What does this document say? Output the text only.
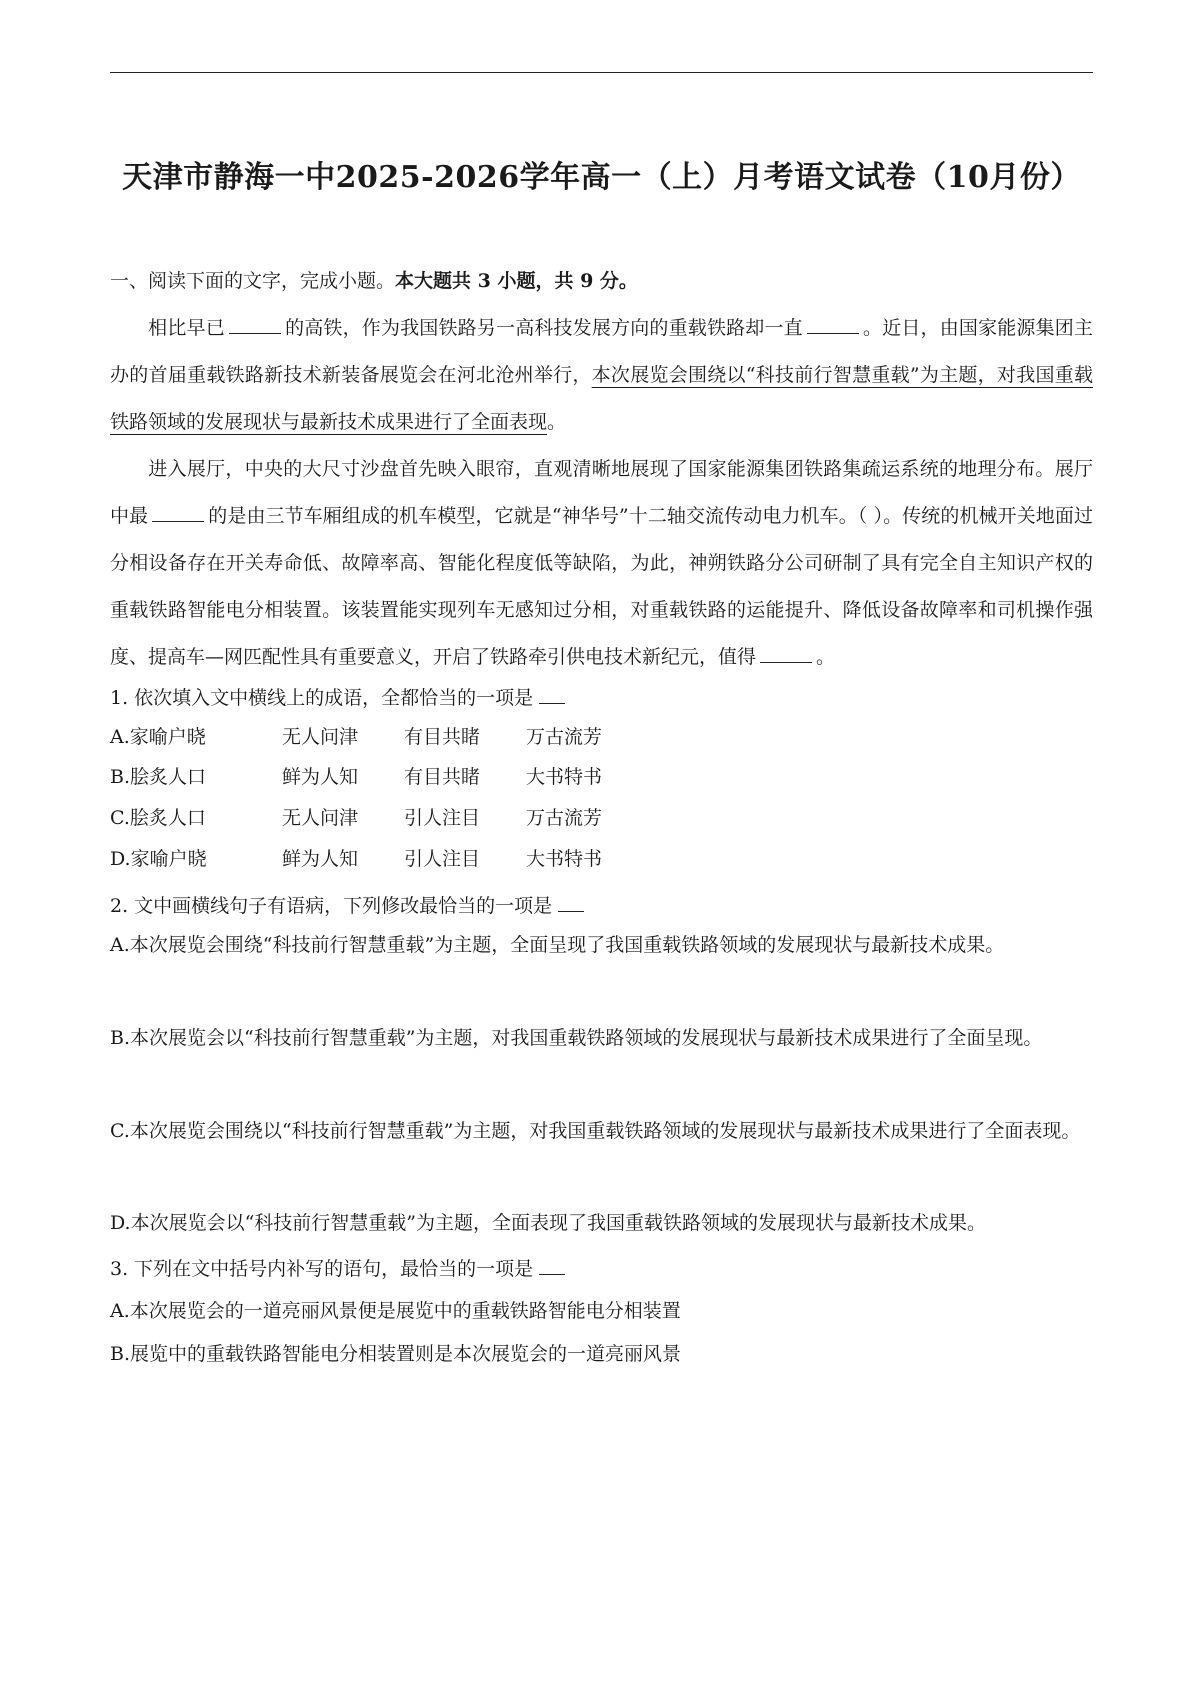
天津市静海一中2025-2026学年高一（上）月考语文试卷（10月份）

一、阅读下面的文字，完成小题。本大题共 3 小题，共 9 分。

相比早已	的高铁，作为我国铁路另一高科技发展方向的重载铁路却一直	。近日，由国家能源集团主办的首届重载铁路新技术新装备展览会在河北沧州举行，本次展览会围绕以“科技前行智慧重载”为主题，对我国重载铁路领域的发展现状与最新技术成果进行了全面表现。

进入展厅，中央的大尺寸沙盘首先映入眼帘，直观清晰地展现了国家能源集团铁路集疏运系统的地理分布。展厅中最	的是由三节车厢组成的机车模型，它就是“神华号”十二轴交流传动电力机车。（ ）。传统的机械开关地面过分相设备存在开关寿命低、故障率高、智能化程度低等缺陷，为此，神朔铁路分公司研制了具有完全自主知识产权的重载铁路智能电分相装置。该装置能实现列车无感知过分相，对重载铁路的运能提升、降低设备故障率和司机操作强度、提高车—网匹配性具有重要意义，开启了铁路牵引供电技术新纪元，值得	。

1. 依次填入文中横线上的成语，全都恰当的一项是

A.家喻户晓	无人问津 有目共睹 万古流芳

B.脍炙人口	鲜为人知 有目共睹 大书特书

C.脍炙人口	无人问津 引人注目 万古流芳

D.家喻户晓	鲜为人知 引人注目 大书特书

2. 文中画横线句子有语病，下列修改最恰当的一项是

A.本次展览会围绕“科技前行智慧重载”为主题，全面呈现了我国重载铁路领域的发展现状与最新技术成果。

B.本次展览会以“科技前行智慧重载”为主题，对我国重载铁路领域的发展现状与最新技术成果进行了全面呈现。

C.本次展览会围绕以“科技前行智慧重载”为主题，对我国重载铁路领域的发展现状与最新技术成果进行了全面表现。

D.本次展览会以“科技前行智慧重载”为主题，全面表现了我国重载铁路领域的发展现状与最新技术成果。

3. 下列在文中括号内补写的语句，最恰当的一项是

A.本次展览会的一道亮丽风景便是展览中的重载铁路智能电分相装置

B.展览中的重载铁路智能电分相装置则是本次展览会的一道亮丽风景
